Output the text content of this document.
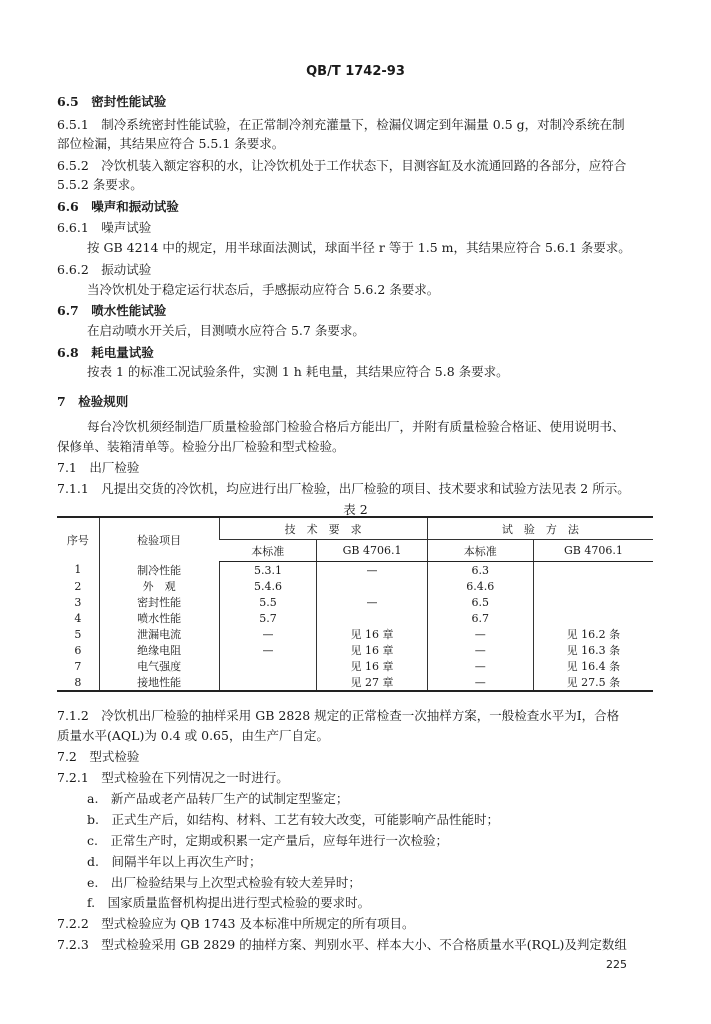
QB/T 1742-93
6.5　密封性能试验
6.5.1　制冷系统密封性能试验，在正常制冷剂充灌量下，检漏仪调定到年漏量 0.5 g，对制冷系统在制
部位检漏，其结果应符合 5.5.1 条要求。
6.5.2　冷饮机装入额定容积的水，让冷饮机处于工作状态下，目测容缸及水流通回路的各部分，应符合
5.5.2 条要求。
6.6　噪声和振动试验
6.6.1　噪声试验
按 GB 4214 中的规定，用半球面法测试，球面半径 r 等于 1.5 m，其结果应符合 5.6.1 条要求。
6.6.2　振动试验
当冷饮机处于稳定运行状态后，手感振动应符合 5.6.2 条要求。
6.7　喷水性能试验
在启动喷水开关后，目测喷水应符合 5.7 条要求。
6.8　耗电量试验
按表 1 的标准工况试验条件，实测 1 h 耗电量，其结果应符合 5.8 条要求。
7　检验规则
每台冷饮机须经制造厂质量检验部门检验合格后方能出厂，并附有质量检验合格证、使用说明书、
保修单、装箱清单等。检验分出厂检验和型式检验。
7.1　出厂检验
7.1.1　凡提出交货的冷饮机，均应进行出厂检验，出厂检验的项目、技术要求和试验方法见表 2 所示。
表 2
序号	检验项目	技　术　要　求		试　验　方　法	
		本标准	GB 4706.1	本标准	GB 4706.1
1	制冷性能	5.3.1	—	6.3	
2	外　观	5.4.6		6.4.6	
3	密封性能	5.5	—	6.5	
4	喷水性能	5.7		6.7	
5	泄漏电流	—	见 16 章	—	见 16.2 条
6	绝缘电阻	—	见 16 章	—	见 16.3 条
7	电气强度		见 16 章	—	见 16.4 条
8	接地性能		见 27 章	—	见 27.5 条
7.1.2　冷饮机出厂检验的抽样采用 GB 2828 规定的正常检查一次抽样方案，一般检查水平为Ⅰ，合格
质量水平(AQL)为 0.4 或 0.65，由生产厂自定。
7.2　型式检验
7.2.1　型式检验在下列情况之一时进行。
a.　新产品或老产品转厂生产的试制定型鉴定；
b.　正式生产后，如结构、材料、工艺有较大改变，可能影响产品性能时；
c.　正常生产时，定期或积累一定产量后，应每年进行一次检验；
d.　间隔半年以上再次生产时；
e.　出厂检验结果与上次型式检验有较大差异时；
f.　国家质量监督机构提出进行型式检验的要求时。
7.2.2　型式检验应为 QB 1743 及本标准中所规定的所有项目。
7.2.3　型式检验采用 GB 2829 的抽样方案、判别水平、样本大小、不合格质量水平(RQL)及判定数组
225
